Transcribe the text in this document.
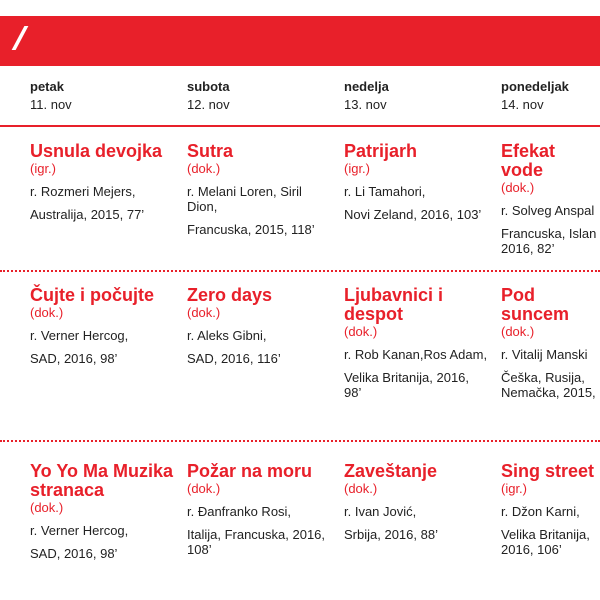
petak
11. nov
subota
12. nov
nedelja
13. nov
ponedeljak
14. nov
Usnula devojka
(igr.)
r. Rozmeri Mejers,
Australija, 2015, 77’
Sutra
(dok.)
r. Melani Loren, Siril Dion,
Francuska, 2015, 118’
Patrijarh
(igr.)
r. Li Tamahori,
Novi Zeland, 2016, 103’
Efekat vode
(dok.)
r. Solveg Anspal
Francuska, Islan 2016, 82’
Čujte i počujte
(dok.)
r. Verner Hercog,
SAD, 2016, 98’
Zero days
(dok.)
r. Aleks Gibni,
SAD, 2016, 116’
Ljubavnici i despot
(dok.)
r. Rob Kanan,Ros Adam,
Velika Britanija, 2016, 98’
Pod suncem
(dok.)
r. Vitalij Manski
Češka, Rusija, Nemačka, 2015,
Yo Yo Ma Muzika stranaca
(dok.)
r. Verner Hercog,
SAD, 2016, 98’
Požar na moru
(dok.)
r. Đanfranko Rosi,
Italija, Francuska, 2016, 108’
Zaveštanje
(dok.)
r. Ivan Jović,
Srbija, 2016, 88’
Sing street
(igr.)
r. Džon Karni,
Velika Britanija, 2016, 106’
